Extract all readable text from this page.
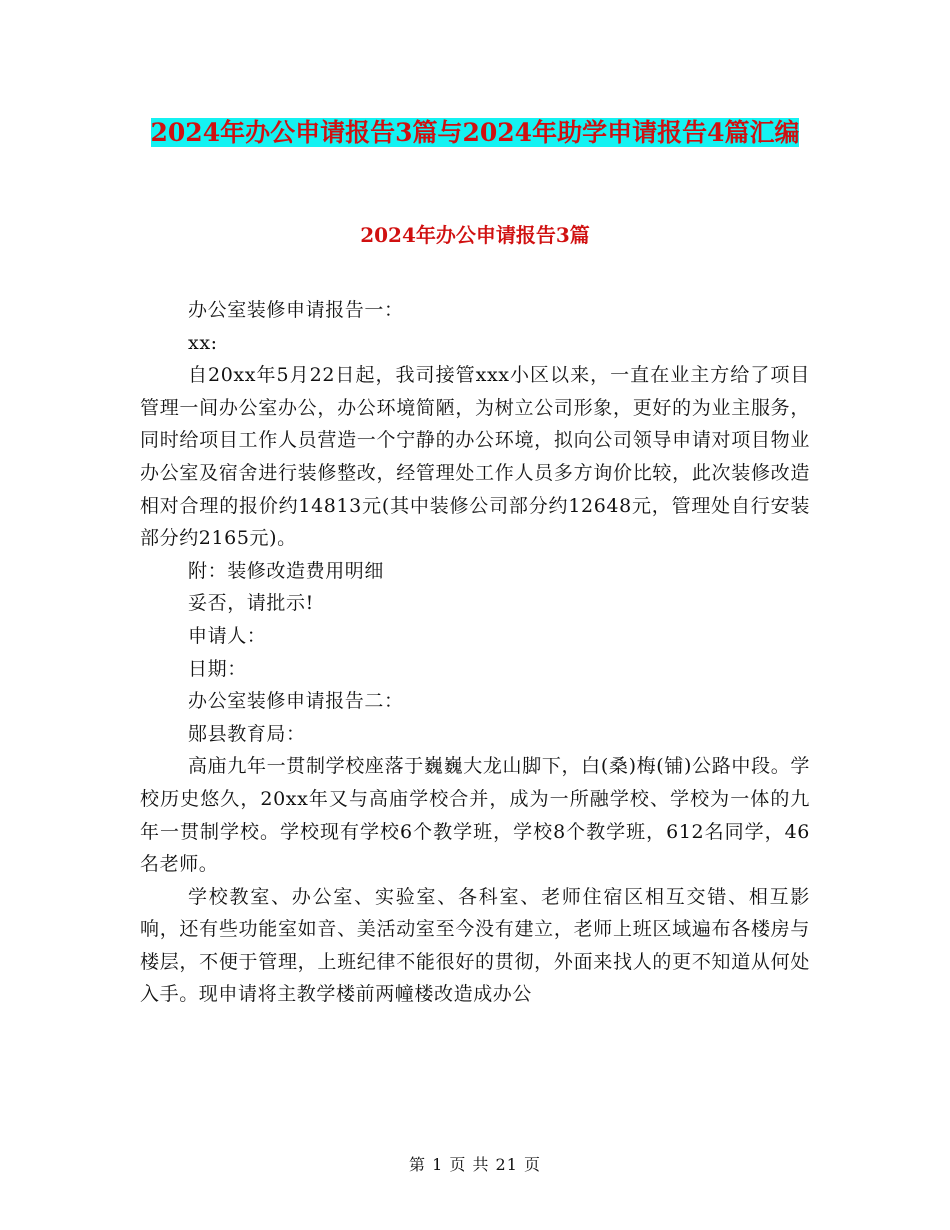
2024年办公申请报告3篇与2024年助学申请报告4篇汇编
2024年办公申请报告3篇

办公室装修申请报告一：

xx:

自20xx年5月22日起，我司接管xxx小区以来，一直在业主方给了项目管理一间办公室办公，办公环境简陋，为树立公司形象，更好的为业主服务，同时给项目工作人员营造一个宁静的办公环境，拟向公司领导申请对项目物业办公室及宿舍进行装修整改，经管理处工作人员多方询价比较，此次装修改造相对合理的报价约14813元(其中装修公司部分约12648元，管理处自行安装部分约2165元)。

附：装修改造费用明细

妥否，请批示!

申请人：

日期：

办公室装修申请报告二：

郧县教育局：

高庙九年一贯制学校座落于巍巍大龙山脚下，白(桑)梅(铺)公路中段。学校历史悠久，20xx年又与高庙学校合并，成为一所融学校、学校为一体的九年一贯制学校。学校现有学校6个教学班，学校8个教学班，612名同学，46名老师。

学校教室、办公室、实验室、各科室、老师住宿区相互交错、相互影响，还有些功能室如音、美活动室至今没有建立，老师上班区域遍布各楼房与楼层，不便于管理，上班纪律不能很好的贯彻，外面来找人的更不知道从何处入手。现申请将主教学楼前两幢楼改造成办公

第 1 页 共 21 页
